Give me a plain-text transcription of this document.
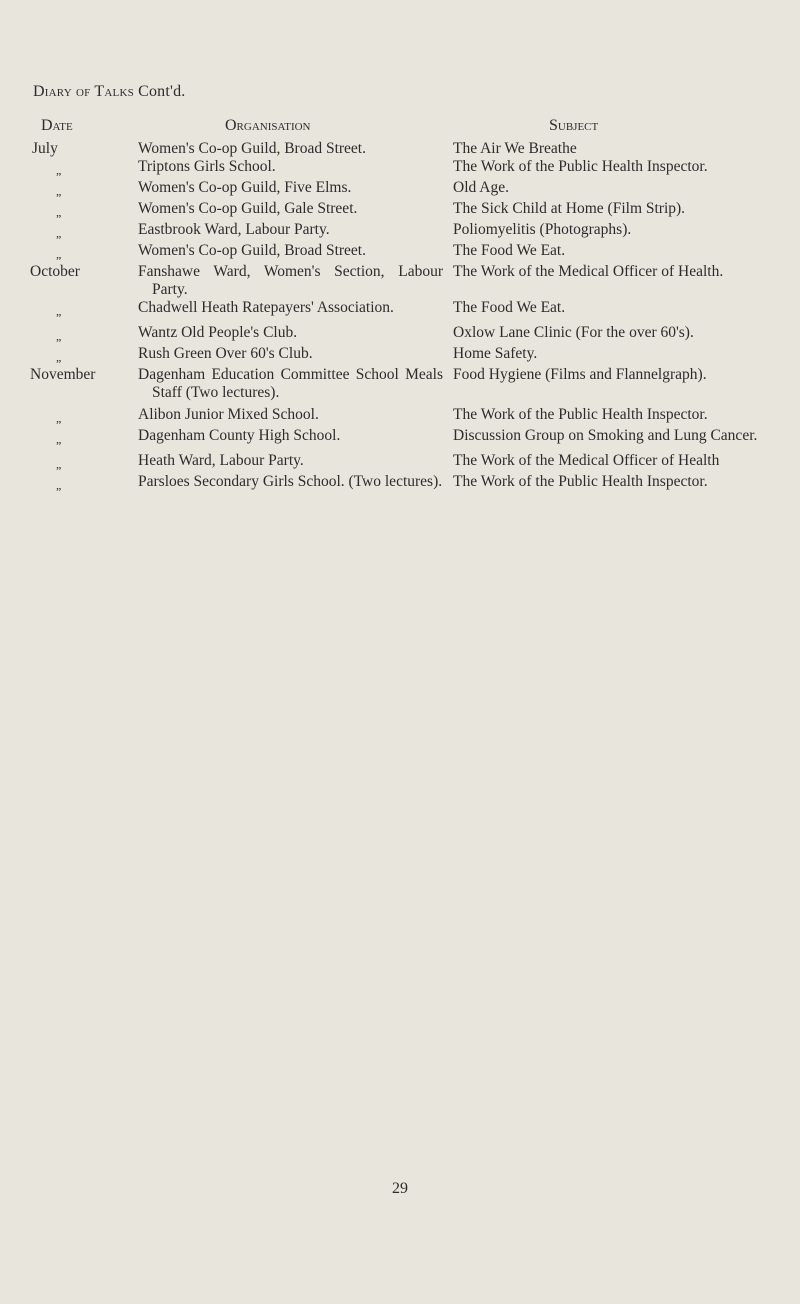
Diary of Talks Cont'd.
Date	Organisation	Subject
July	Women's Co-op Guild, Broad Street.	The Air We Breathe

„	Triptons Girls School.	The Work of the Public Health Inspector.

„	Women's Co-op Guild, Five Elms.	Old Age.

„	Women's Co-op Guild, Gale Street.	The Sick Child at Home (Film Strip).

„	Eastbrook Ward, Labour Party.	Poliomyelitis (Photographs).

„	Women's Co-op Guild, Broad Street.	The Food We Eat.

October	Fanshawe Ward, Women's Section, Labour Party.	The Work of the Medical Officer of Health.

„	Chadwell Heath Ratepayers' Association.	The Food We Eat.

„	Wantz Old People's Club.	Oxlow Lane Clinic (For the over 60's).

„	Rush Green Over 60's Club.	Home Safety.

November	Dagenham Education Committee School Meals Staff (Two lectures).	Food Hygiene (Films and Flannelgraph).

„	Alibon Junior Mixed School.	The Work of the Public Health Inspector.

„	Dagenham County High School.	Discussion Group on Smoking and Lung Cancer.

„	Heath Ward, Labour Party.	The Work of the Medical Officer of Health

„	Parsloes Secondary Girls School. (Two lectures).	The Work of the Public Health Inspector.
29
